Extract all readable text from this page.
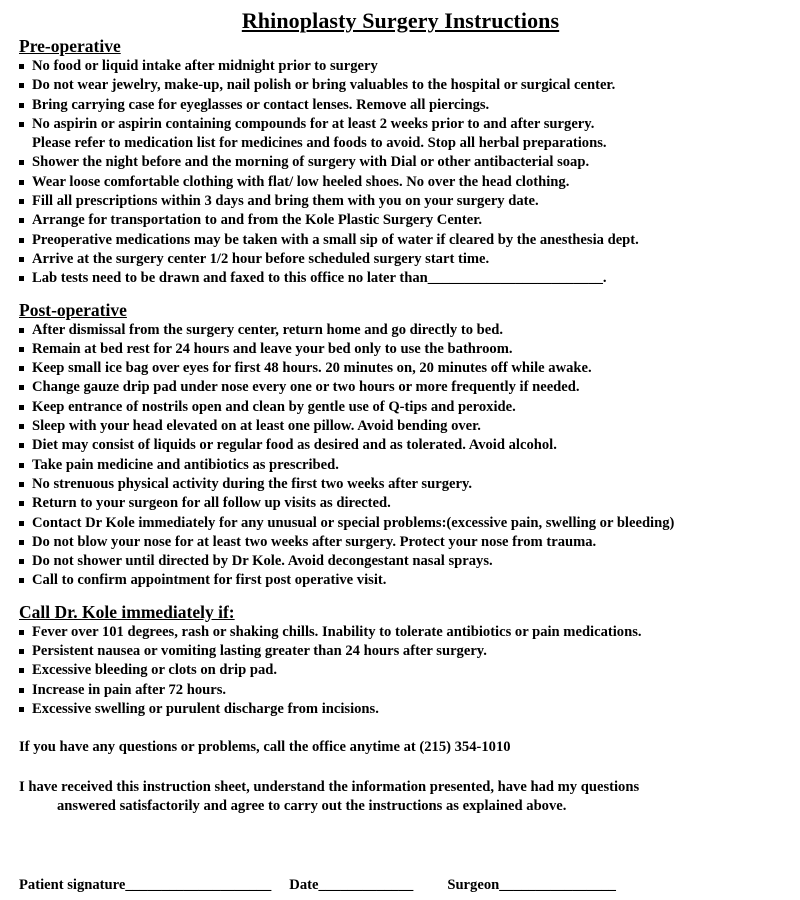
Rhinoplasty Surgery Instructions
Pre-operative
No food or liquid intake after midnight prior to surgery
Do not wear jewelry, make-up, nail polish or bring valuables to the hospital or surgical center.
Bring carrying case for eyeglasses or contact lenses. Remove all piercings.
No aspirin or aspirin containing compounds for at least 2 weeks prior to and after surgery.
Please refer to medication list for medicines and foods to avoid. Stop all herbal preparations.
Shower the night before and the morning of surgery with Dial or other antibacterial soap.
Wear loose comfortable clothing with flat/ low heeled shoes. No over the head clothing.
Fill all prescriptions within 3 days and bring them with you on your surgery date.
Arrange for transportation to and from the Kole Plastic Surgery Center.
Preoperative medications may be taken with a small sip of water if cleared by the anesthesia dept.
Arrive at the surgery center 1/2 hour before scheduled surgery start time.
Lab tests need to be drawn and faxed to this office no later than________________________.
Post-operative
After dismissal from the surgery center, return home and go directly to bed.
Remain at bed rest for 24 hours and leave your bed only to use the bathroom.
Keep small ice bag over eyes for first 48 hours. 20 minutes on, 20 minutes off while awake.
Change gauze drip pad under nose every one or two hours or more frequently if needed.
Keep entrance of nostrils open and clean by gentle use of Q-tips and peroxide.
Sleep with your head elevated on at least one pillow. Avoid bending over.
Diet may consist of liquids or regular food as desired and as tolerated. Avoid alcohol.
Take pain medicine and antibiotics as prescribed.
No strenuous physical activity during the first two weeks after surgery.
Return to your surgeon for all follow up visits as directed.
Contact Dr Kole immediately for any unusual or special problems:(excessive pain, swelling or bleeding)
Do not blow your nose for at least two weeks after surgery. Protect your nose from trauma.
Do not shower until directed by Dr Kole. Avoid decongestant nasal sprays.
Call to confirm appointment for first post operative visit.
Call Dr. Kole immediately if:
Fever over 101 degrees, rash or shaking chills. Inability to tolerate antibiotics or pain medications.
Persistent nausea or vomiting lasting greater than 24 hours after surgery.
Excessive bleeding or clots on drip pad.
Increase in pain after 72 hours.
Excessive swelling or purulent discharge from incisions.

If you have any questions or problems, call the office anytime at (215) 354-1010

I have received this instruction sheet, understand the information presented, have had my questions
answered satisfactorily and agree to carry out the instructions as explained above.

Patient signature____________________ Date_____________ Surgeon________________
